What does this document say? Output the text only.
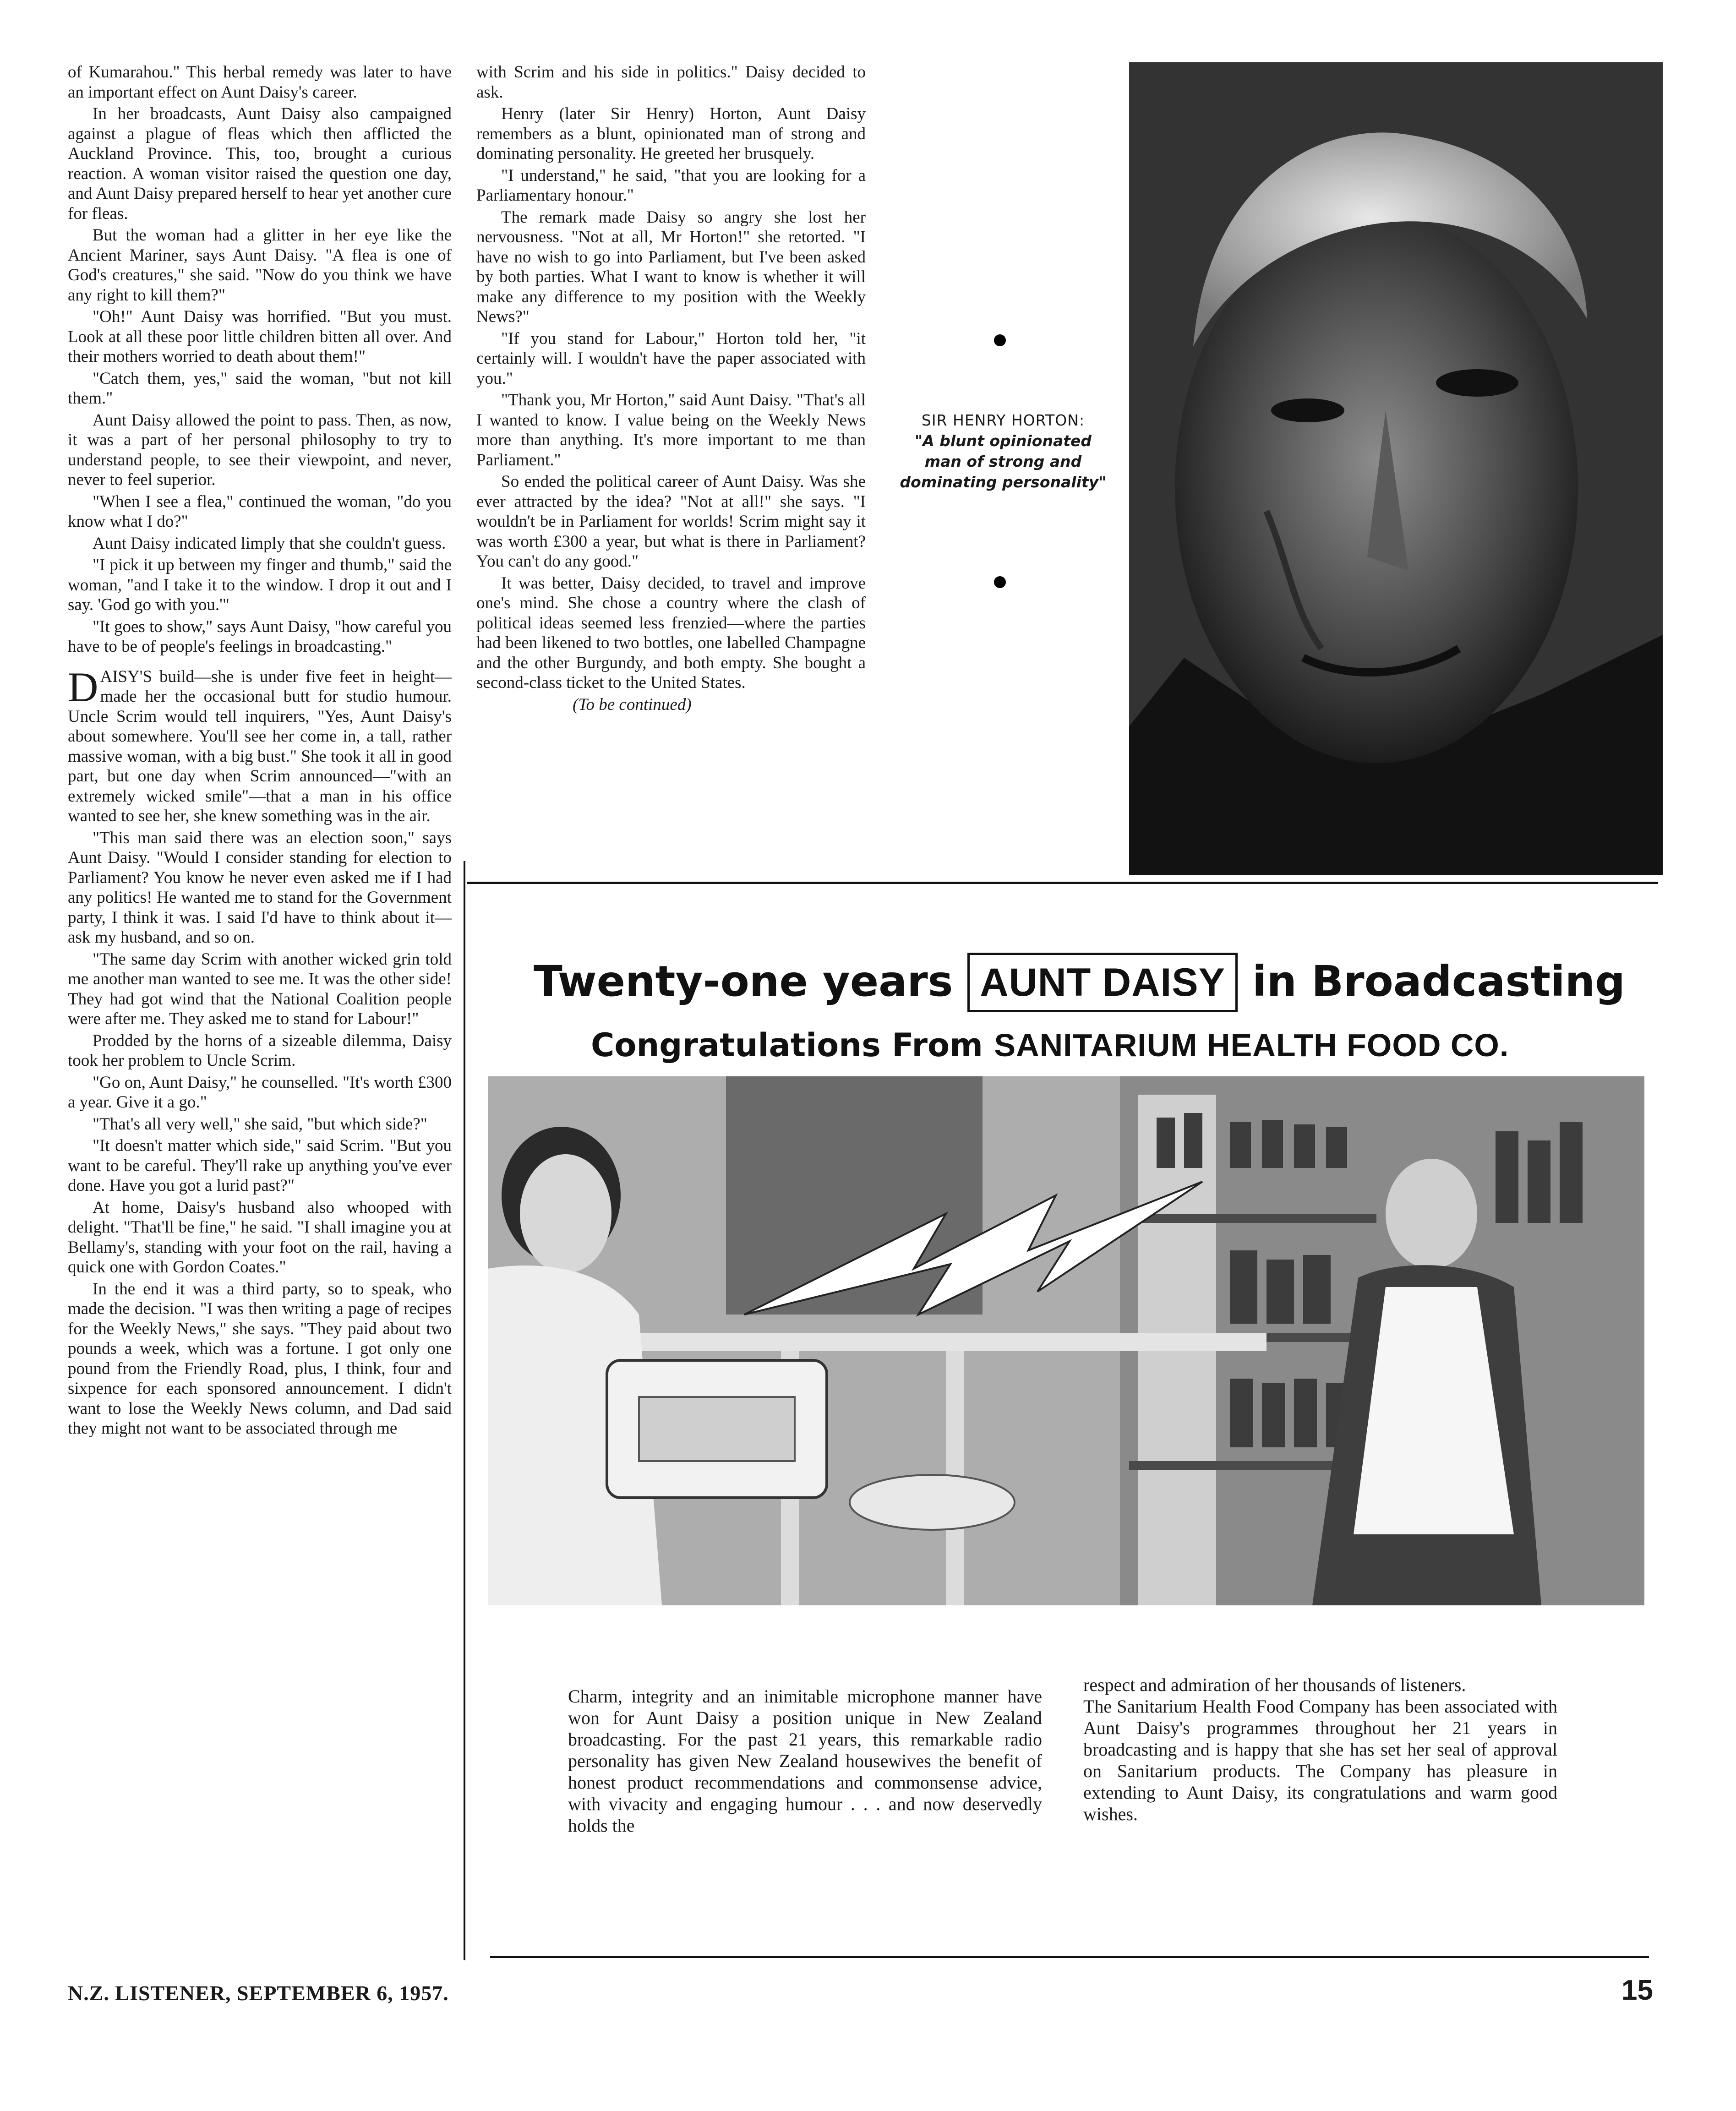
of Kumarahou." This herbal remedy was later to have an important effect on Aunt Daisy's career.

In her broadcasts, Aunt Daisy also campaigned against a plague of fleas which then afflicted the Auckland Province. This, too, brought a curious reaction. A woman visitor raised the question one day, and Aunt Daisy prepared herself to hear yet another cure for fleas.

But the woman had a glitter in her eye like the Ancient Mariner, says Aunt Daisy. "A flea is one of God's creatures," she said. "Now do you think we have any right to kill them?"

"Oh!" Aunt Daisy was horrified. "But you must. Look at all these poor little children bitten all over. And their mothers worried to death about them!"

"Catch them, yes," said the woman, "but not kill them."

Aunt Daisy allowed the point to pass. Then, as now, it was a part of her personal philosophy to try to understand people, to see their viewpoint, and never, never to feel superior.

"When I see a flea," continued the woman, "do you know what I do?"

Aunt Daisy indicated limply that she couldn't guess.

"I pick it up between my finger and thumb," said the woman, "and I take it to the window. I drop it out and I say. 'God go with you.'"

"It goes to show," says Aunt Daisy, "how careful you have to be of people's feelings in broadcasting."

DAISY'S build—she is under five feet in height—made her the occasional butt for studio humour. Uncle Scrim would tell inquirers, "Yes, Aunt Daisy's about somewhere. You'll see her come in, a tall, rather massive woman, with a big bust." She took it all in good part, but one day when Scrim announced—"with an extremely wicked smile"—that a man in his office wanted to see her, she knew something was in the air.

"This man said there was an election soon," says Aunt Daisy. "Would I consider standing for election to Parliament? You know he never even asked me if I had any politics! He wanted me to stand for the Government party, I think it was. I said I'd have to think about it—ask my husband, and so on.

"The same day Scrim with another wicked grin told me another man wanted to see me. It was the other side! They had got wind that the National Coalition people were after me. They asked me to stand for Labour!"

Prodded by the horns of a sizeable dilemma, Daisy took her problem to Uncle Scrim.

"Go on, Aunt Daisy," he counselled. "It's worth £300 a year. Give it a go."

"That's all very well," she said, "but which side?"

"It doesn't matter which side," said Scrim. "But you want to be careful. They'll rake up anything you've ever done. Have you got a lurid past?"

At home, Daisy's husband also whooped with delight. "That'll be fine," he said. "I shall imagine you at Bellamy's, standing with your foot on the rail, having a quick one with Gordon Coates."

In the end it was a third party, so to speak, who made the decision. "I was then writing a page of recipes for the Weekly News," she says. "They paid about two pounds a week, which was a fortune. I got only one pound from the Friendly Road, plus, I think, four and sixpence for each sponsored announcement. I didn't want to lose the Weekly News column, and Dad said they might not want to be associated through me

with Scrim and his side in politics." Daisy decided to ask.

Henry (later Sir Henry) Horton, Aunt Daisy remembers as a blunt, opinionated man of strong and dominating personality. He greeted her brusquely.

"I understand," he said, "that you are looking for a Parliamentary honour."

The remark made Daisy so angry she lost her nervousness. "Not at all, Mr Horton!" she retorted. "I have no wish to go into Parliament, but I've been asked by both parties. What I want to know is whether it will make any difference to my position with the Weekly News?"

"If you stand for Labour," Horton told her, "it certainly will. I wouldn't have the paper associated with you."

"Thank you, Mr Horton," said Aunt Daisy. "That's all I wanted to know. I value being on the Weekly News more than anything. It's more important to me than Parliament."

So ended the political career of Aunt Daisy. Was she ever attracted by the idea? "Not at all!" she says. "I wouldn't be in Parliament for worlds! Scrim might say it was worth £300 a year, but what is there in Parliament? You can't do any good."

It was better, Daisy decided, to travel and improve one's mind. She chose a country where the clash of political ideas seemed less frenzied—where the parties had been likened to two bottles, one labelled Champagne and the other Burgundy, and both empty. She bought a second-class ticket to the United States.

(To be continued)

SIR HENRY HORTON:
"A blunt opinionated man of strong and dominating personality"
Twenty-one years AUNT DAISY in Broadcasting
Congratulations From SANITARIUM HEALTH FOOD CO.
Charm, integrity and an inimitable microphone manner have won for Aunt Daisy a position unique in New Zealand broadcasting. For the past 21 years, this remarkable radio personality has given New Zealand housewives the benefit of honest product recommendations and commonsense advice, with vivacity and engaging humour . . . and now deservedly holds the
respect and admiration of her thousands of listeners.
The Sanitarium Health Food Company has been associated with Aunt Daisy's programmes throughout her 21 years in broadcasting and is happy that she has set her seal of approval on Sanitarium products. The Company has pleasure in extending to Aunt Daisy, its congratulations and warm good wishes.
N.Z. LISTENER, SEPTEMBER 6, 1957.	15
